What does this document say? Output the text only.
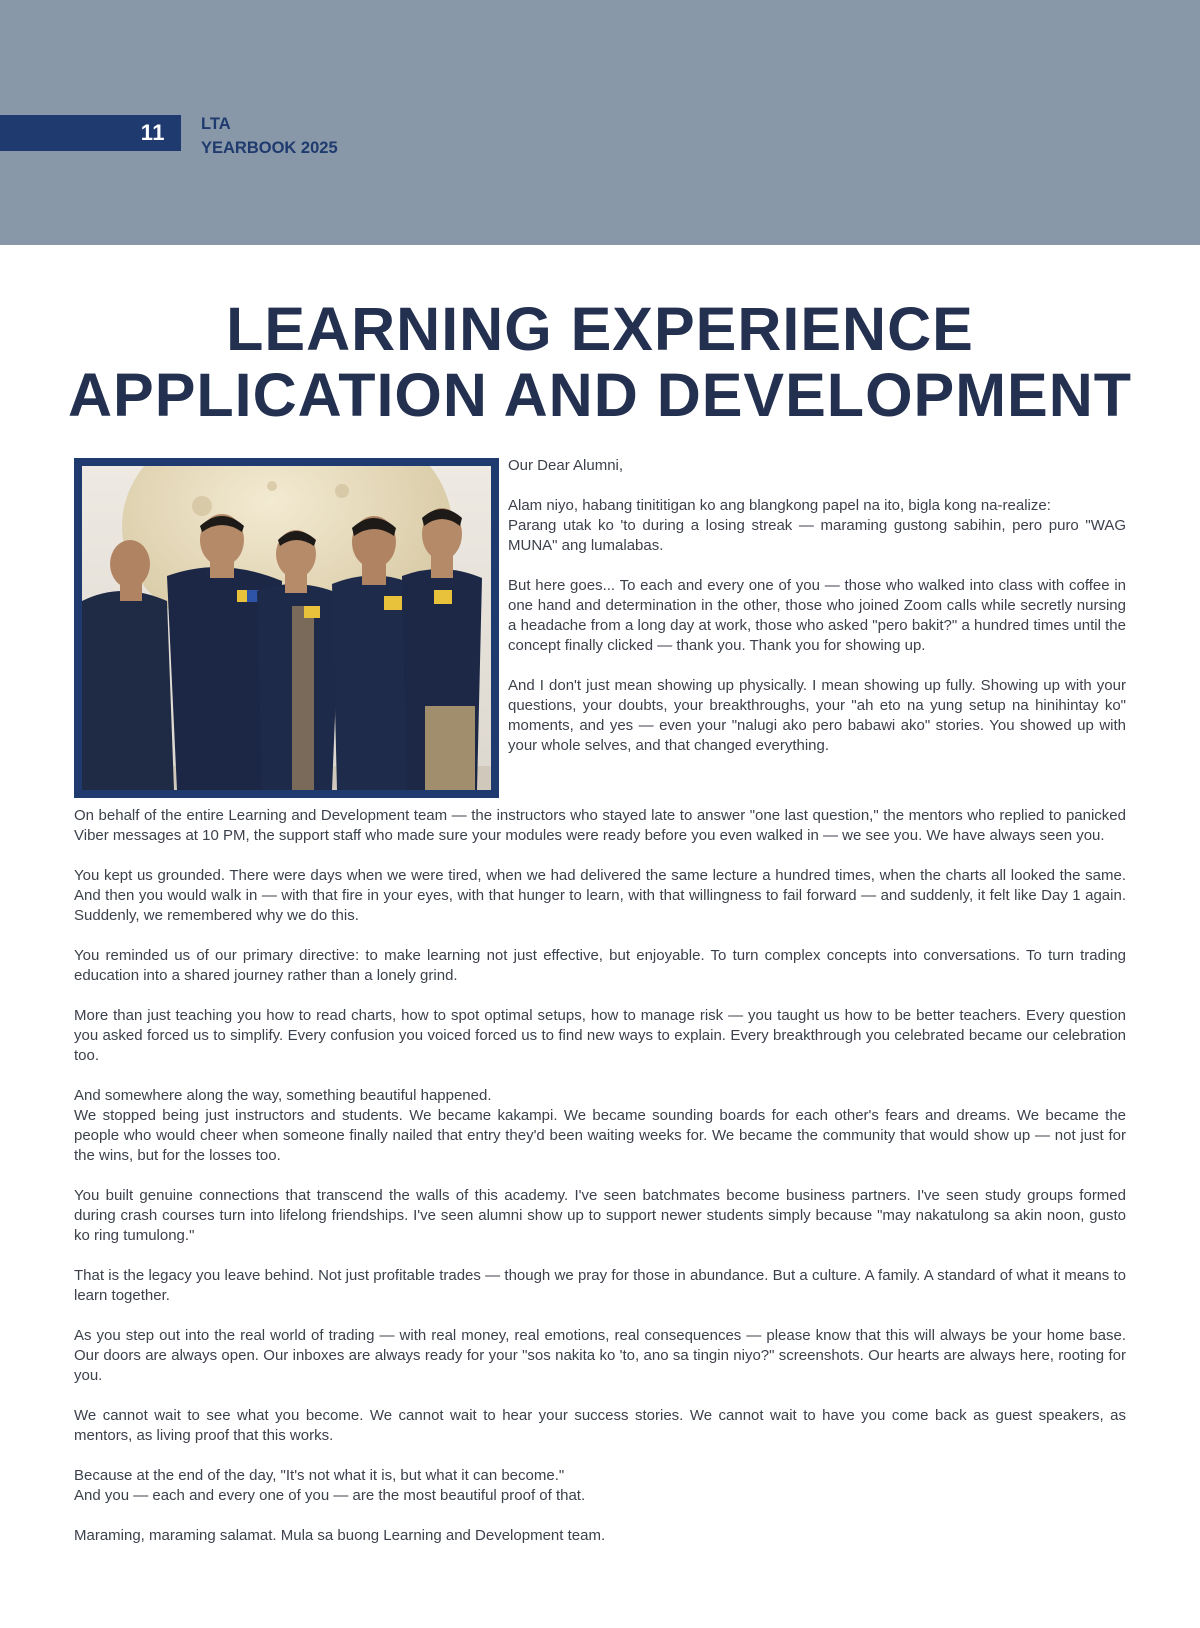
11 LTA
YEARBOOK 2025
LEARNING EXPERIENCE
APPLICATION AND DEVELOPMENT

Our Dear Alumni,

Alam niyo, habang tinititigan ko ang blangkong papel na ito, bigla kong na-realize:
Parang utak ko 'to during a losing streak — maraming gustong sabihin, pero puro "WAG MUNA" ang lumalabas.

But here goes... To each and every one of you — those who walked into class with coffee in one hand and determination in the other, those who joined Zoom calls while secretly nursing a headache from a long day at work, those who asked "pero bakit?" a hundred times until the concept finally clicked — thank you. Thank you for showing up.

And I don't just mean showing up physically. I mean showing up fully. Showing up with your questions, your doubts, your breakthroughs, your "ah eto na yung setup na hinihintay ko" moments, and yes — even your "nalugi ako pero babawi ako" stories. You showed up with your whole selves, and that changed everything.

On behalf of the entire Learning and Development team — the instructors who stayed late to answer "one last question," the mentors who replied to panicked Viber messages at 10 PM, the support staff who made sure your modules were ready before you even walked in — we see you. We have always seen you.

You kept us grounded. There were days when we were tired, when we had delivered the same lecture a hundred times, when the charts all looked the same. And then you would walk in — with that fire in your eyes, with that hunger to learn, with that willingness to fail forward — and suddenly, it felt like Day 1 again. Suddenly, we remembered why we do this.

You reminded us of our primary directive: to make learning not just effective, but enjoyable. To turn complex concepts into conversations. To turn trading education into a shared journey rather than a lonely grind.

More than just teaching you how to read charts, how to spot optimal setups, how to manage risk — you taught us how to be better teachers. Every question you asked forced us to simplify. Every confusion you voiced forced us to find new ways to explain. Every breakthrough you celebrated became our celebration too.

And somewhere along the way, something beautiful happened.
We stopped being just instructors and students. We became kakampi. We became sounding boards for each other's fears and dreams. We became the people who would cheer when someone finally nailed that entry they'd been waiting weeks for. We became the community that would show up — not just for the wins, but for the losses too.

You built genuine connections that transcend the walls of this academy. I've seen batchmates become business partners. I've seen study groups formed during crash courses turn into lifelong friendships. I've seen alumni show up to support newer students simply because "may nakatulong sa akin noon, gusto ko ring tumulong."

That is the legacy you leave behind. Not just profitable trades — though we pray for those in abundance. But a culture. A family. A standard of what it means to learn together.

As you step out into the real world of trading — with real money, real emotions, real consequences — please know that this will always be your home base. Our doors are always open. Our inboxes are always ready for your "sos nakita ko 'to, ano sa tingin niyo?" screenshots. Our hearts are always here, rooting for you.

We cannot wait to see what you become. We cannot wait to hear your success stories. We cannot wait to have you come back as guest speakers, as mentors, as living proof that this works.

Because at the end of the day, "It's not what it is, but what it can become."
And you — each and every one of you — are the most beautiful proof of that.

Maraming, maraming salamat. Mula sa buong Learning and Development team.
